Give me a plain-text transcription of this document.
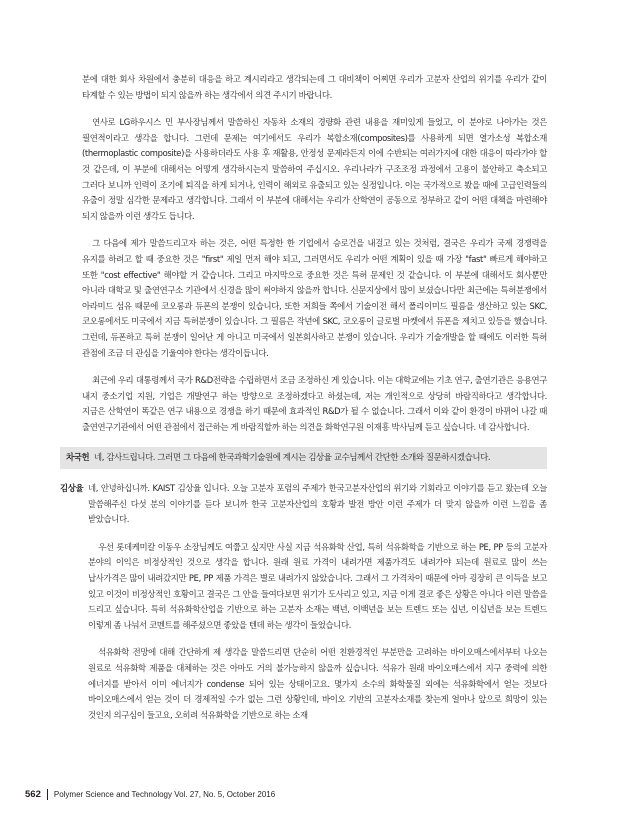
분에 대한 회사 차원에서 충분히 대응을 하고 계시리라고 생각되는데 그 대비책이 어찌면 우리가 고분자 산업의 위기를 우리가 같이 타계할 수 있는 방법이 되지 않을까 하는 생각에서 의견 주시기 바랍니다.

연사로 LG하우시스 민 부사장님께서 말씀하신 자동차 소재의 경량화 관련 내용을 재미있게 들었고, 이 분야로 나아가는 것은 필연적이라고 생각을 합니다. 그런데 문제는 여기에서도 우리가 복합소재(composites)를 사용하게 되면 열가소성 복합소재(thermoplastic composite)을 사용하더라도 사용 후 재활용, 안정성 문제라든지 이에 수반되는 여러가지에 대한 대응이 따라가야 할 것 같은데, 이 부분에 대해서는 어떻게 생각하시는지 말씀하여 주십시오. 우리나라가 구조조정 과정에서 고용이 불안하고 축소되고 그러다 보니까 인력이 조기에 퇴직을 하게 되거나, 인력이 해외로 유출되고 있는 실정입니다. 이는 국가적으로 봤을 때에 고급인력들의 유출이 정말 심각한 문제라고 생각합니다. 그래서 이 부분에 대해서는 우리가 산학연이 공동으로 정부하고 같이 어떤 대책을 마련해야 되지 않을까 이런 생각도 듭니다.

그 다음에 제가 말씀드리고자 하는 것은, 어떤 특정한 한 기업에서 승로건을 내걸고 있는 것처럼, 결국은 우리가 국제 경쟁력을 유지를 하려고 할 때 중요한 것은 "first" 제일 먼저 해야 되고, 그러면서도 우리가 어떤 계획이 있을 때 가장 "fast" 빠르게 해야하고 또한 "cost effective" 해야할 거 같습니다. 그리고 마지막으로 중요한 것은 특허 문제인 것 같습니다. 이 부분에 대해서도 회사뿐만 아니라 대학교 및 출연연구소 기관에서 신경을 많이 써야하지 않을까 합니다. 신문지상에서 많이 보셨습니다만 최근에는 특허분쟁에서 아라미드 섬유 때문에 코오롱과 듀폰의 분쟁이 있습니다, 또한 저희들 쪽에서 기술이전 해서 폴리이미드 필름을 생산하고 있는 SKC, 코오롱에서도 미국에서 지금 특허분쟁이 있습니다. 그 필름은 작년에 SKC, 코오롱이 글로벌 마켓에서 듀폰을 제치고 있등을 했습니다. 그런데, 듀폰하고 특허 분쟁이 일어난 게 아니고 미국에서 일본회사하고 분쟁이 있습니다. 우리가 기술개발을 할 때에도 이러한 특허 관점에 조금 더 관심을 기울여야 한다는 생각이듭니다.

최근에 우리 대통령께서 국가 R&D전략을 수립하면서 조금 조정하신 게 있습니다. 이는 대학교에는 기초 연구, 출연기관은 응용연구 내지 중소기업 지원, 기업은 개발연구 하는 방향으로 조정하겠다고 하셨는데, 저는 개인적으로 상당히 바람직하다고 생각합니다. 지금은 산학연이 똑같은 연구 내용으로 경쟁을 하기 때문에 효과적인 R&D가 될 수 없습니다. 그래서 이와 같이 환경이 바뀌어 나갈 때 출연연구기관에서 어떤 관점에서 접근하는 게 바람직할까 하는 의견을 화학연구원 이재흥 박사님께 듣고 싶습니다. 네 감사합니다.

차국헌 네, 감사드립니다. 그러면 그 다음에 한국과학기술원에 계시는 김상율 교수님께서 간단한 소개와 질문하시겠습니다.
김상율 네, 안녕하십니까. KAIST 김상율 입니다. 오늘 고분자 포럼의 주제가 한국고분자산업의 위기와 기회라고 이야기를 듣고 왔는데 오늘 말씀해주신 다섯 분의 이야기를 듣다 보니까 한국 고분자산업의 호황과 발전 방안 이런 주제가 더 맞지 않을까 이런 느낌을 좀 받았습니다.

우선 롯데케미칼 이동우 소장님께도 여쭙고 싶지만 사실 지금 석유화학 산업, 특히 석유화학을 기반으로 하는 PE, PP 등의 고분자 분야의 이익은 비정상적인 것으로 생각을 합니다. 원래 원료 가격이 내려가면 제품가격도 내려가야 되는데 원료로 많이 쓰는 납사가격은 많이 내려갔지만 PE, PP 제품 가격은 별로 내려가지 않았습니다. 그래서 그 가격차이 때문에 아마 굉장히 큰 이득을 보고 있고 이것이 비정상적인 호황이고 결국은 그 안을 들여다보면 위기가 도사리고 있고, 지금 이게 결코 좋은 상황은 아니다 이런 말씀을 드리고 싶습니다. 특히 석유화학산업을 기반으로 하는 고분자 소재는 백년, 이백년을 보는 트렌드 또는 십년, 이십년을 보는 트렌드 이렇게 좀 나눠서 코멘트를 해주셨으면 좋았을 텐데 하는 생각이 들었습니다.

석유화학 전망에 대해 간단하게 제 생각을 말씀드리면 단순히 어떤 친환경적인 부분만을 고려하는 바이오매스에서부터 나오는 원료로 석유화학 제품을 대체하는 것은 아마도 거의 불가능하지 않을까 싶습니다. 석유가 원래 바이오매스에서 지구 중력에 의한 에너지를 받아서 이미 에너지가 condense 되어 있는 상태이고요. 몇가지 소수의 화학물질 외에는 석유화학에서 얻는 것보다 바이오매스에서 얻는 것이 더 경제적일 수가 없는 그런 상황인데, 바이오 기반의 고분자소재를 찾는게 얼마나 앞으로 희망이 있는 것인지 의구심이 들고요, 오히려 석유화학을 기반으로 하는 소재

562 Polymer Science and Technology Vol. 27, No. 5, October 2016
